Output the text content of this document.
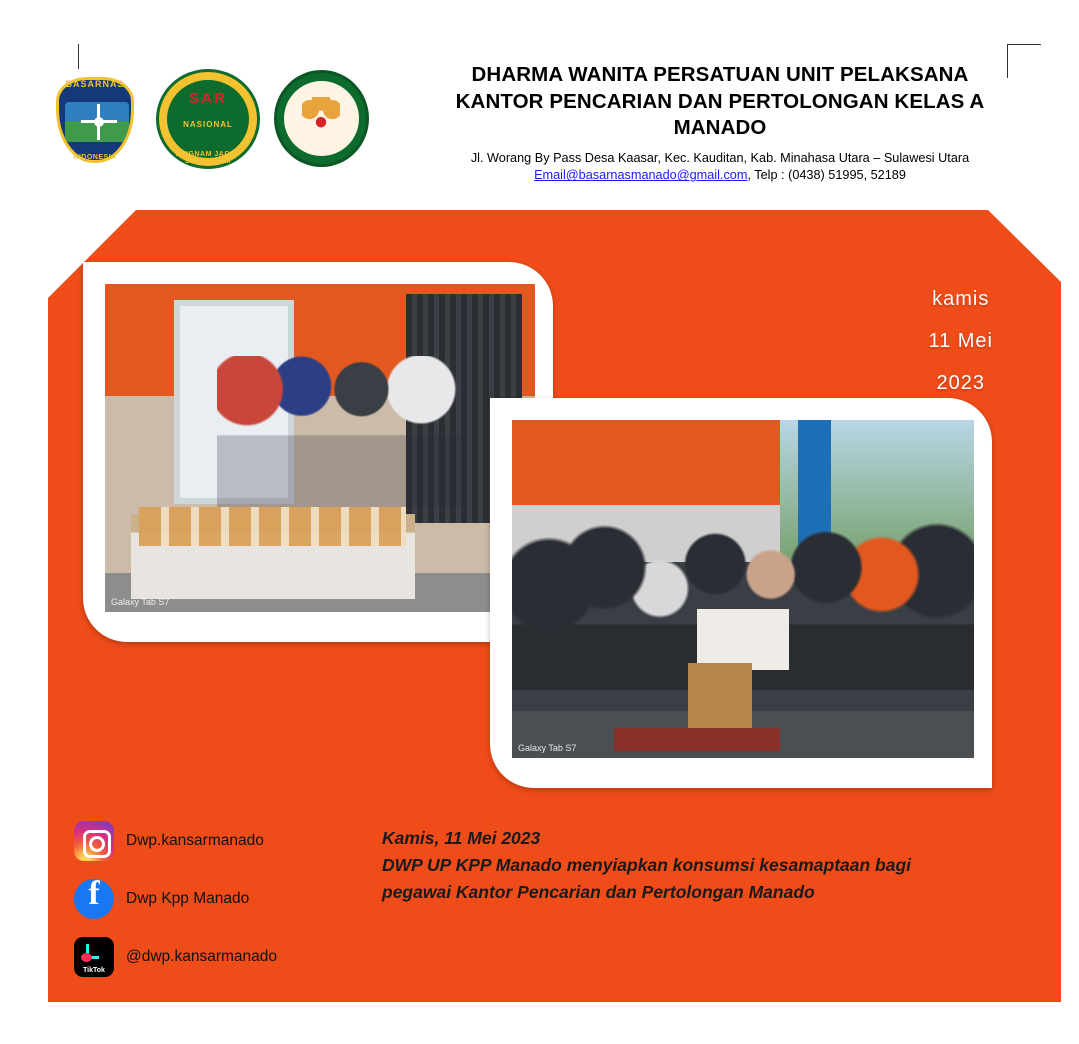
BASARNAS
INDONESIA
SAR
NASIONAL
AVIGNAM JAGAT SAMAGRAM
DHARMA WANITA PERSATUAN UNIT PELAKSANA
KANTOR PENCARIAN DAN PERTOLONGAN KELAS A
MANADO
Jl. Worang By Pass Desa Kaasar, Kec. Kauditan, Kab. Minahasa Utara – Sulawesi Utara
Email@basarnasmanado@gmail.com, Telp : (0438) 51995, 52189
Galaxy Tab S7
Galaxy Tab S7
kamis
11 Mei
2023
Kamis, 11 Mei 2023
DWP UP KPP Manado menyiapkan konsumsi kesamaptaan bagi
pegawai Kantor Pencarian dan Pertolongan Manado
Dwp.kansarmanado
f
Dwp Kpp Manado
TikTok
@dwp.kansarmanado
